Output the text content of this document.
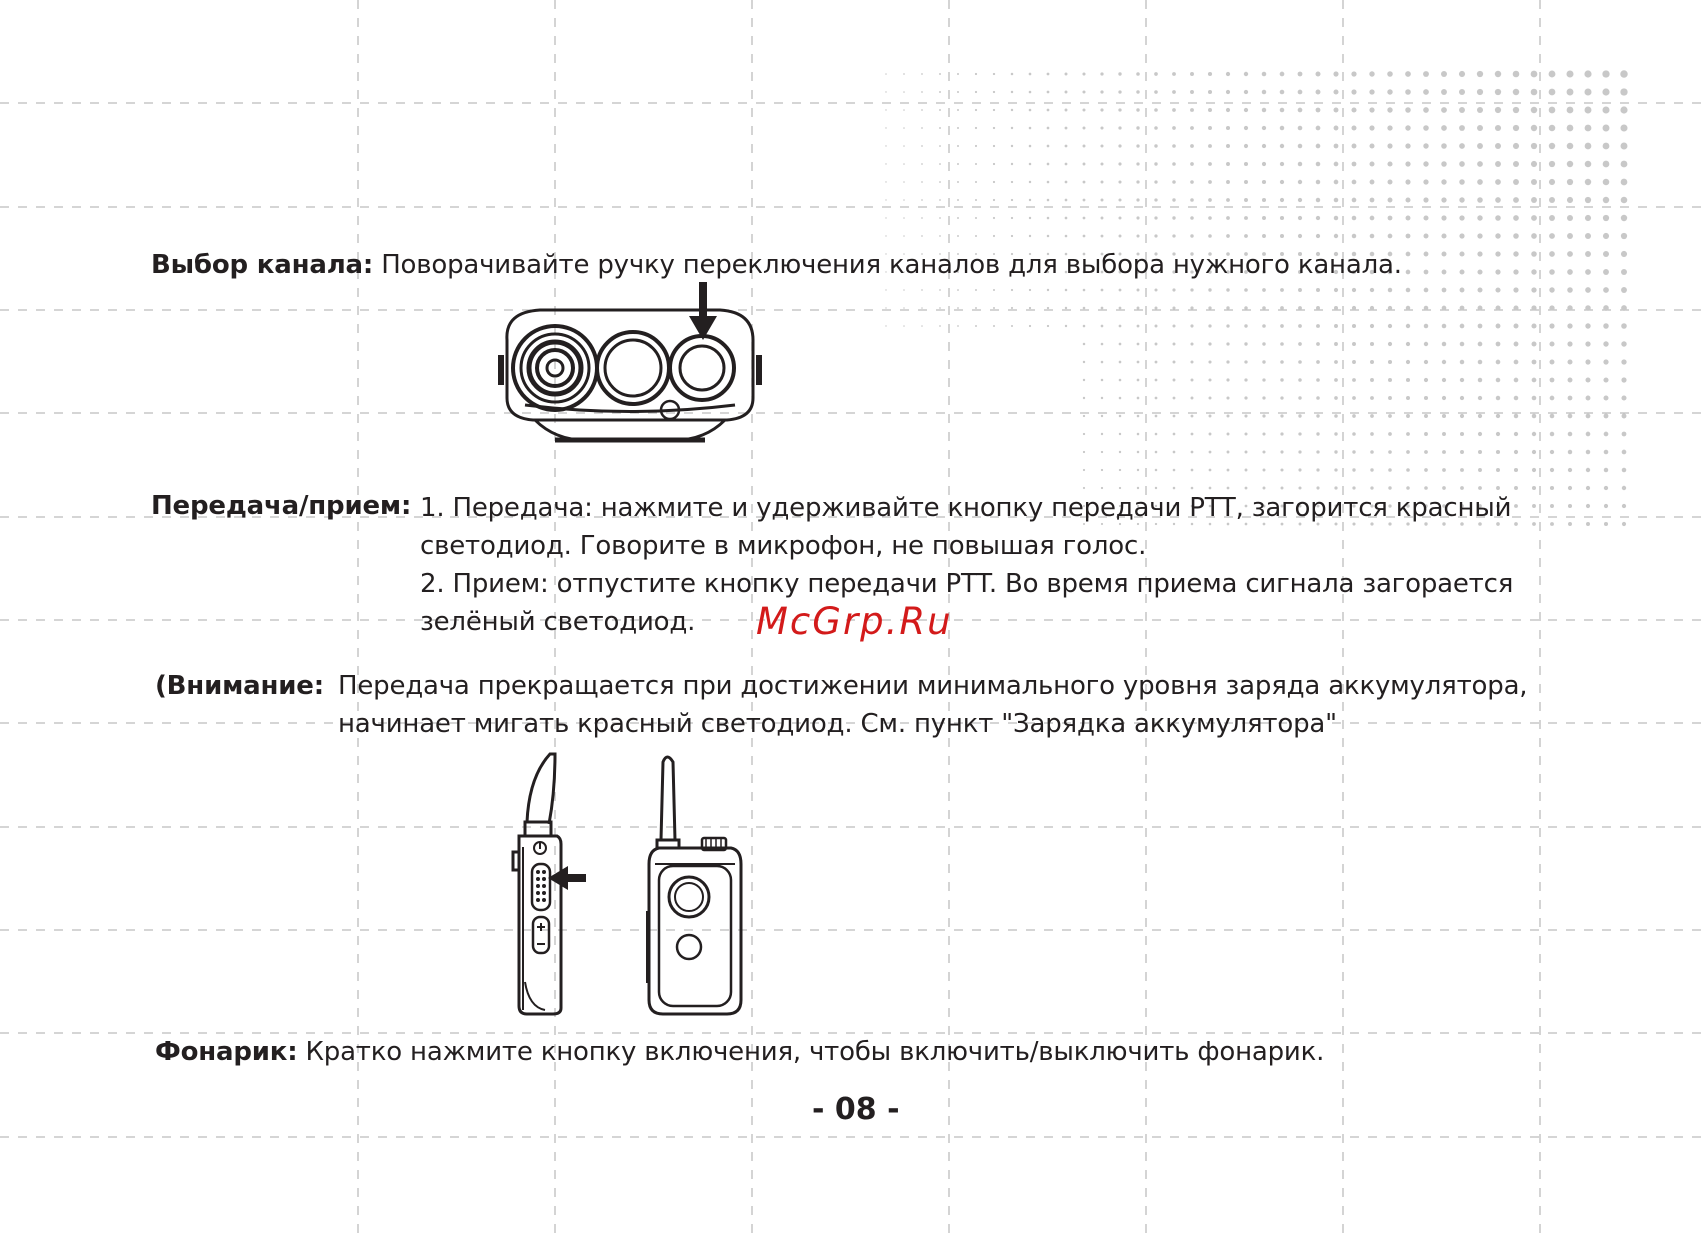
Выбор канала: Поворачивайте ручку переключения каналов для выбора нужного канала.
Передача/прием: 1. Передача: нажмите и удерживайте кнопку передачи PTT, загорится красный
светодиод. Говорите в микрофон, не повышая голос.
2. Прием: отпустите кнопку передачи PTT. Во время приема сигнала загорается
зелёный светодиод. McGrp.Ru
(Внимание: Передача прекращается при достижении минимального уровня заряда аккумулятора,
начинает мигать красный светодиод. См. пункт "Зарядка аккумулятора"
Фонарик: Кратко нажмите кнопку включения, чтобы включить/выключить фонарик.
- 08 -
